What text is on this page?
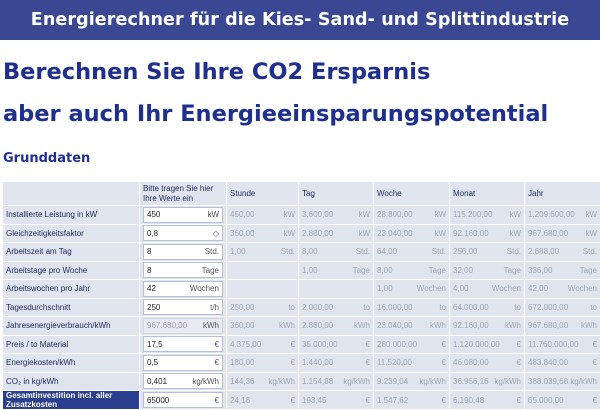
Energierechner für die Kies- Sand- und Splittindustrie
Berechnen Sie Ihre CO2 Ersparnis
aber auch Ihr Energieeinsparungspotential
Grunddaten
	Bitte tragen Sie hier Ihre Werte ein	Stunde	Tag	Woche	Monat	Jahr
Installierte Leistung in kW	450 kW	450,00 kW	3.600,00 kW	28.800,00 kW	115.200,00 kW	1.209.600,00 kW

Gleichzeitigkeitsfaktor	0,8 ◇	360,00 kW	2.880,00 kW	23.040,00 kW	92.160,00 kW	967.680,00 kW

Arbeitszeit am Tag	8 Std.	1,00 Std.	8,00 Std.	64,00 Std.	256,00 Std.	2.688,00 Std.

Arbeitstage pro Woche	8 Tage		1,00 Tage	8,00 Tage	32,00 Tage	336,00 Tage

Arbeitswochen pro Jahr	42 Wochen			1,00 Wochen	4,00 Wochen	42,00 Wochen

Tagesdurchschnitt	250 t/h	250,00 to	2.000,00 to	16.000,00 to	64.000,00 to	672.000,00 to

Jahresenergieverbrauch/kWh	967.680,00 kWh	360,00 kWh	2.880,00 kWh	23.040,00 kWh	92.160,00 kWh	967.680,00 kWh

Preis / to Material	17,5 €	4.375,00 €	35.000,00 €	280.000,00 €	1.120.000,00 €	11.760.000,00 €

Energiekosten/kWh	0,5 €	180,00 €	1.440,00 €	11.520,00 €	46.080,00 €	483.840,00 €

CO₂ in kg/kWh	0,401 kg/kWh	144,36 kg/kWh	1.154,88 kg/kWh	9.239,04 kg/kWh	36.956,16 kg/kWh	388.039,68 kg/kWh

Gesamtinvestition incl. aller Zusatzkosten	65000 €	24,18 €	193,45 €	1.547,62 €	6.190,48 €	65.000,00 €
